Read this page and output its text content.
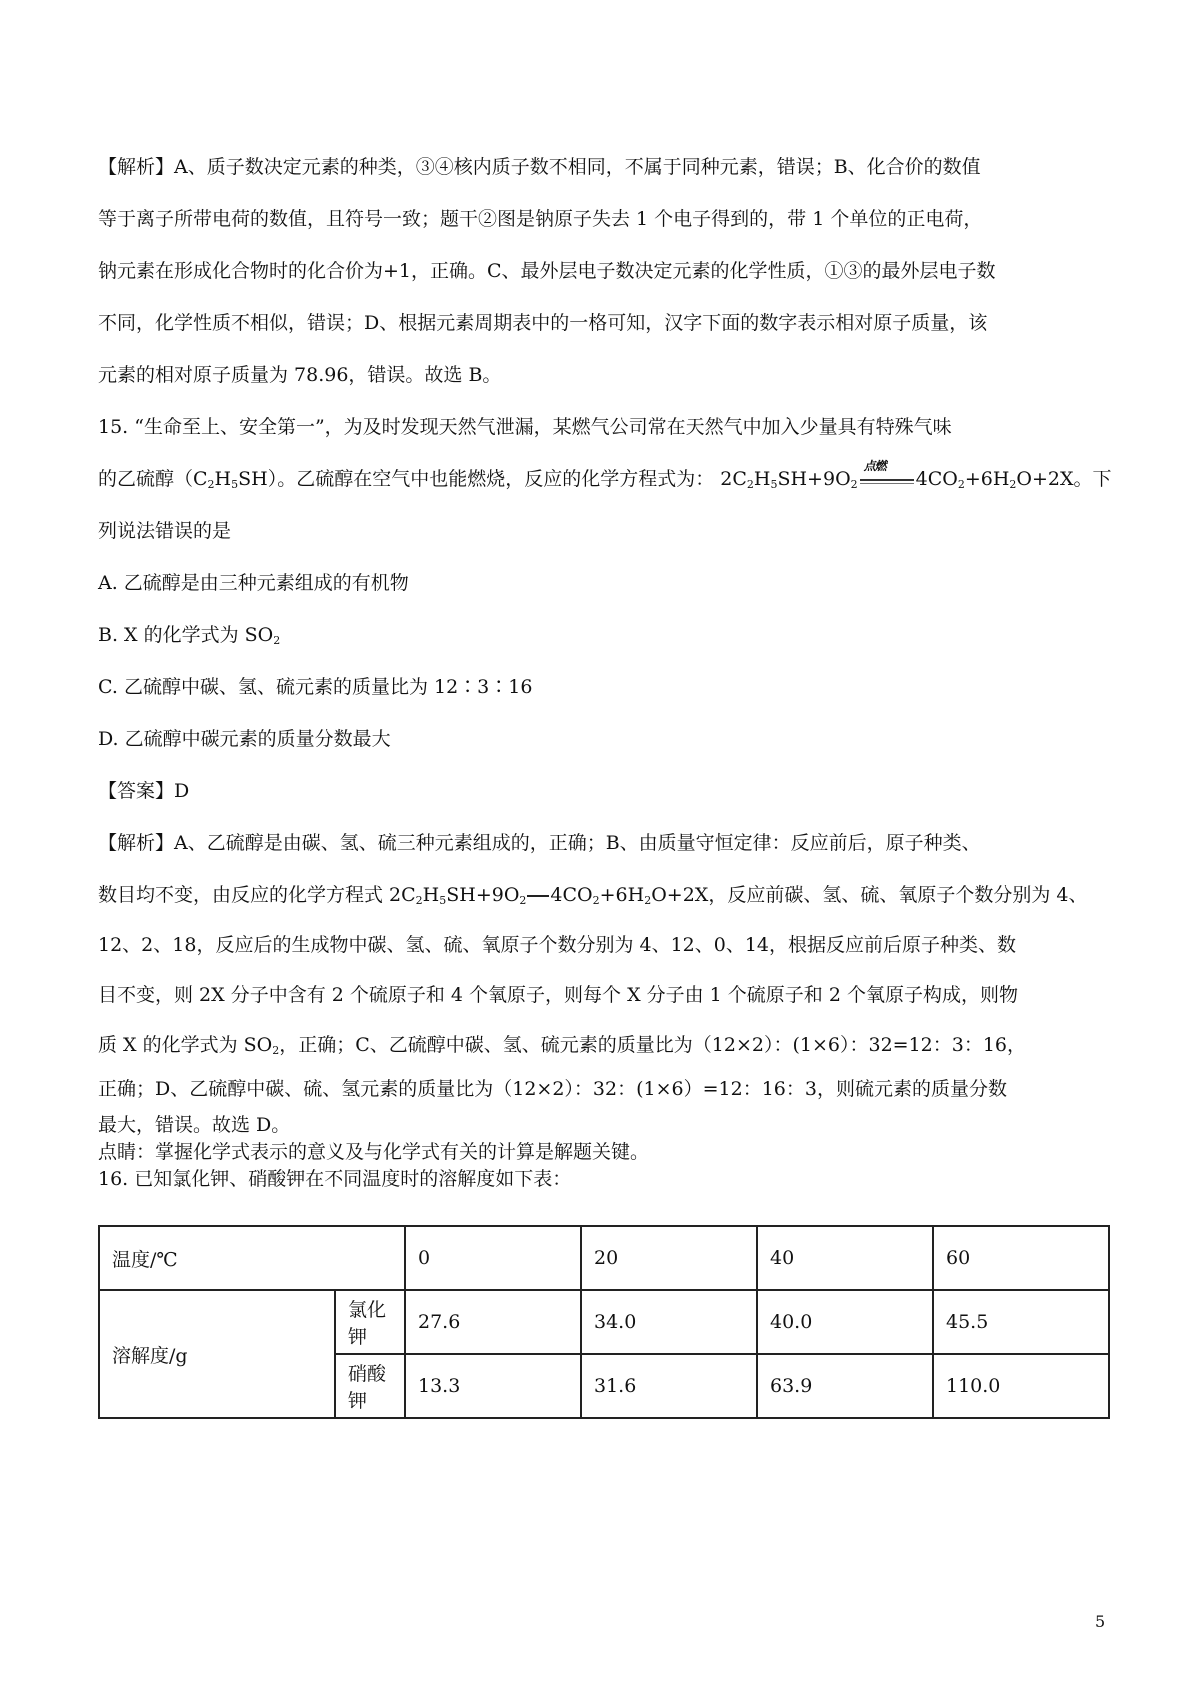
【解析】A、质子数决定元素的种类，③④核内质子数不相同，不属于同种元素，错误；B、化合价的数值

等于离子所带电荷的数值，且符号一致；题干②图是钠原子失去 1 个电子得到的，带 1 个单位的正电荷，

钠元素在形成化合物时的化合价为+1，正确。C、最外层电子数决定元素的化学性质，①③的最外层电子数

不同，化学性质不相似，错误；D、根据元素周期表中的一格可知，汉字下面的数字表示相对原子质量，该

元素的相对原子质量为 78.96，错误。故选 B。

15. “生命至上、安全第一”，为及时发现天然气泄漏，某燃气公司常在天然气中加入少量具有特殊气味

的乙硫醇$(C_2H_5SH)$。乙硫醇在空气中也能燃烧，反应的化学方程式为： $2C_2H_5SH+9O_2$
点燃
$4CO_2+6H_2O+2X$。下

列说法错误的是

A. 乙硫醇是由三种元素组成的有机物

B. X 的化学式为 $SO_2$

C. 乙硫醇中碳、氢、硫元素的质量比为 12∶3∶16

D. 乙硫醇中碳元素的质量分数最大

【答案】D

【解析】A、乙硫醇是由碳、氢、硫三种元素组成的，正确；B、由质量守恒定律：反应前后，原子种类、

数目均不变，由反应的化学方程式 $2C_2H_5SH+9O_2$ $4CO_2+6H_2O+2X$，反应前碳、氢、硫、氧原子个数分别为 4、

12、2、18，反应后的生成物中碳、氢、硫、氧原子个数分别为 4、12、0、14，根据反应前后原子种类、数

目不变，则 2X 分子中含有 2 个硫原子和 4 个氧原子，则每个 X 分子由 1 个硫原子和 2 个氧原子构成，则物

质 X 的化学式为 $SO_2$，正确；C、乙硫醇中碳、氢、硫元素的质量比为（12×2）：(1×6）：32=12：3：16，

正确；D、乙硫醇中碳、硫、氢元素的质量比为（12×2）：32：(1×6）=12：16：3，则硫元素的质量分数

最大，错误。故选 D。

点睛：掌握化学式表示的意义及与化学式有关的计算是解题关键。

16. 已知氯化钾、硝酸钾在不同温度时的溶解度如下表：
温度/℃		0	20	40	60
溶解度/g	氯化钾	27.6	34.0	40.0	45.5
	硝酸钾	13.3	31.6	63.9	110.0
5
